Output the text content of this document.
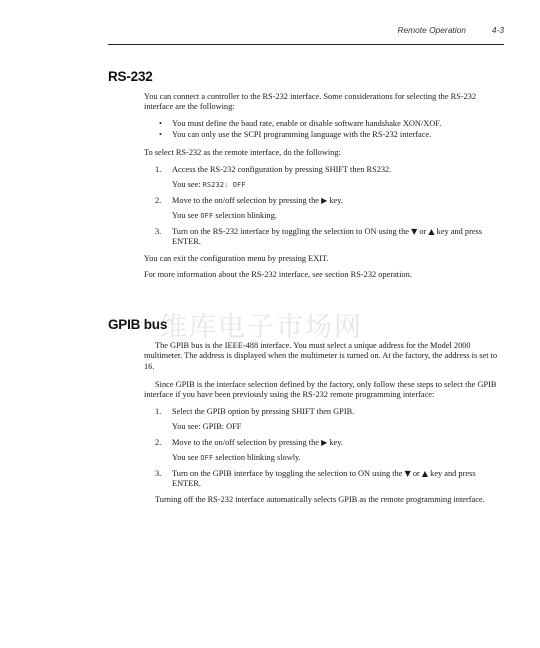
Remote Operation	4-3
RS-232

You can connect a controller to the RS-232 interface. Some considerations for selecting the RS-232 interface are the following:

• You must define the baud rate, enable or disable software handshake XON/XOF.
• You can only use the SCPI programming language with the RS-232 interface.

To select RS-232 as the remote interface, do the following:

1. Access the RS-232 configuration by pressing SHIFT then RS232.
You see: RS232: OFF
2. Move to the on/off selection by pressing the ▶ key.
You see OFF selection blinking.
3. Turn on the RS-232 interface by toggling the selection to ON using the ▼ or ▲ key and press ENTER.

You can exit the configuration menu by pressing EXIT.

For more information about the RS-232 interface, see section RS-232 operation.

维库电子市场网
GPIB bus

The GPIB bus is the IEEE-488 interface. You must select a unique address for the Model 2000 multimeter. The address is displayed when the multimeter is turned on. At the factory, the address is set to 16.

Since GPIB is the interface selection defined by the factory, only follow these steps to select the GPIB interface if you have been previously using the RS-232 remote programming interface:

1. Select the GPIB option by pressing SHIFT then GPIB.
You see: GPIB: OFF
2. Move to the on/off selection by pressing the ▶ key.
You see OFF selection blinking slowly.
3. Turn on the GPIB interface by toggling the selection to ON using the ▼ or ▲ key and press ENTER.

Turning off the RS-232 interface automatically selects GPIB as the remote programming interface.
